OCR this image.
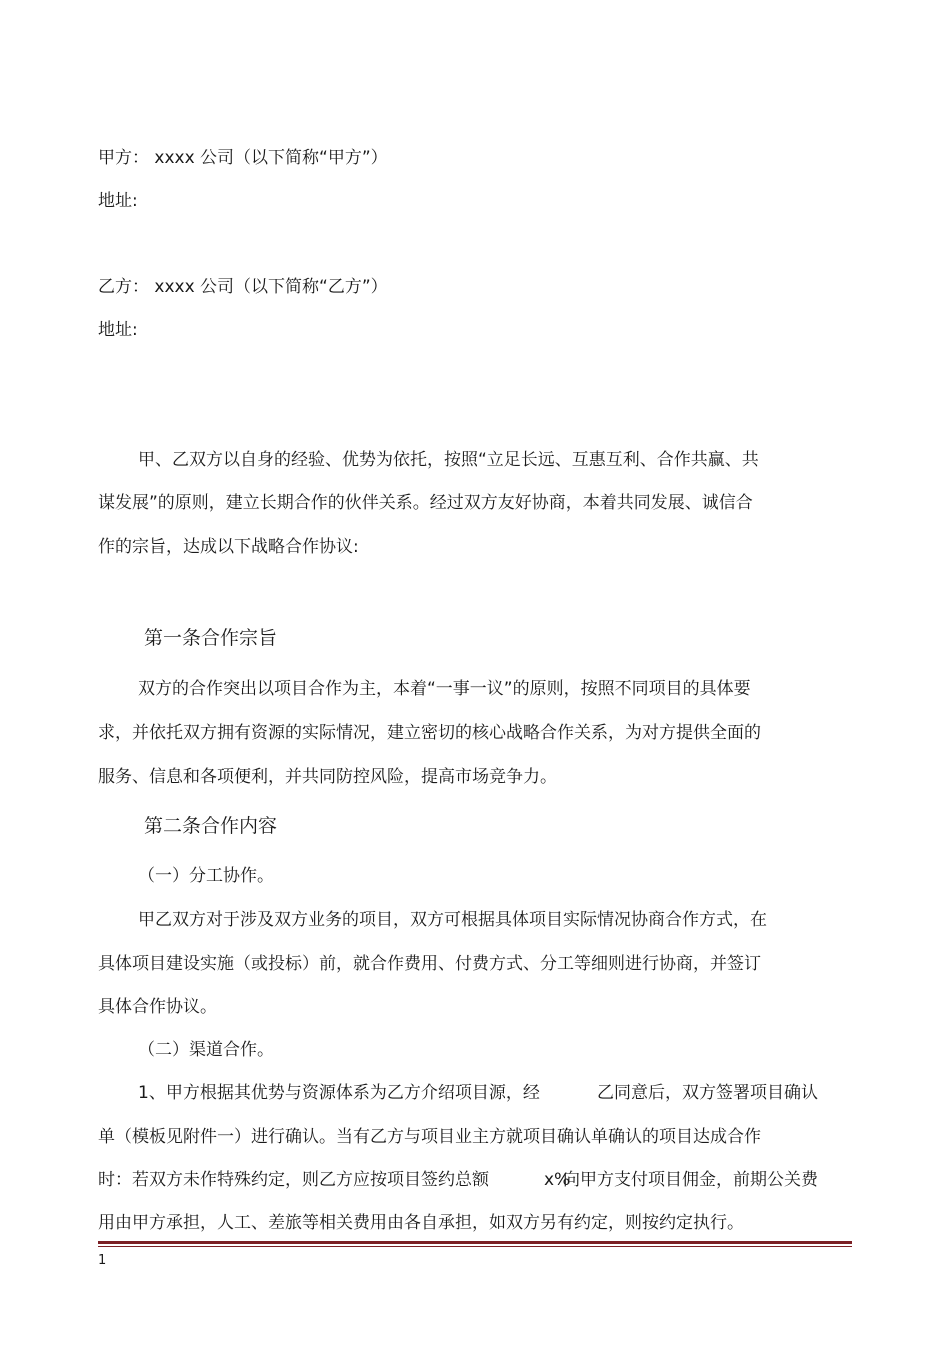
甲方： xxxx 公司（以下简称“甲方”）
地址:
乙方： xxxx 公司（以下简称“乙方”）
地址:
甲、乙双方以自身的经验、优势为依托，按照“立足长远、互惠互利、合作共赢、共
谋发展”的原则，建立长期合作的伙伴关系。经过双方友好协商，本着共同发展、诚信合
作的宗旨，达成以下战略合作协议:
第一条合作宗旨
双方的合作突出以项目合作为主，本着“一事一议”的原则，按照不同项目的具体要
求，并依托双方拥有资源的实际情况，建立密切的核心战略合作关系，为对方提供全面的
服务、信息和各项便利，并共同防控风险，提高市场竞争力。
第二条合作内容
（一）分工协作。
甲乙双方对于涉及双方业务的项目，双方可根据具体项目实际情况协商合作方式，在
具体项目建设实施（或投标）前，就合作费用、付费方式、分工等细则进行协商，并签订
具体合作协议。
（二）渠道合作。
1、甲方根据其优势与资源体系为乙方介绍项目源，经	乙同意后，双方签署项目确认
单（模板见附件一）进行确认。当有乙方与项目业主方就项目确认单确认的项目达成合作
时：若双方未作特殊约定，则乙方应按项目签约总额	x%
向甲方支付项目佣金，前期公关费
用由甲方承担，人工、差旅等相关费用由各自承担，如双方另有约定，则按约定执行。
1
